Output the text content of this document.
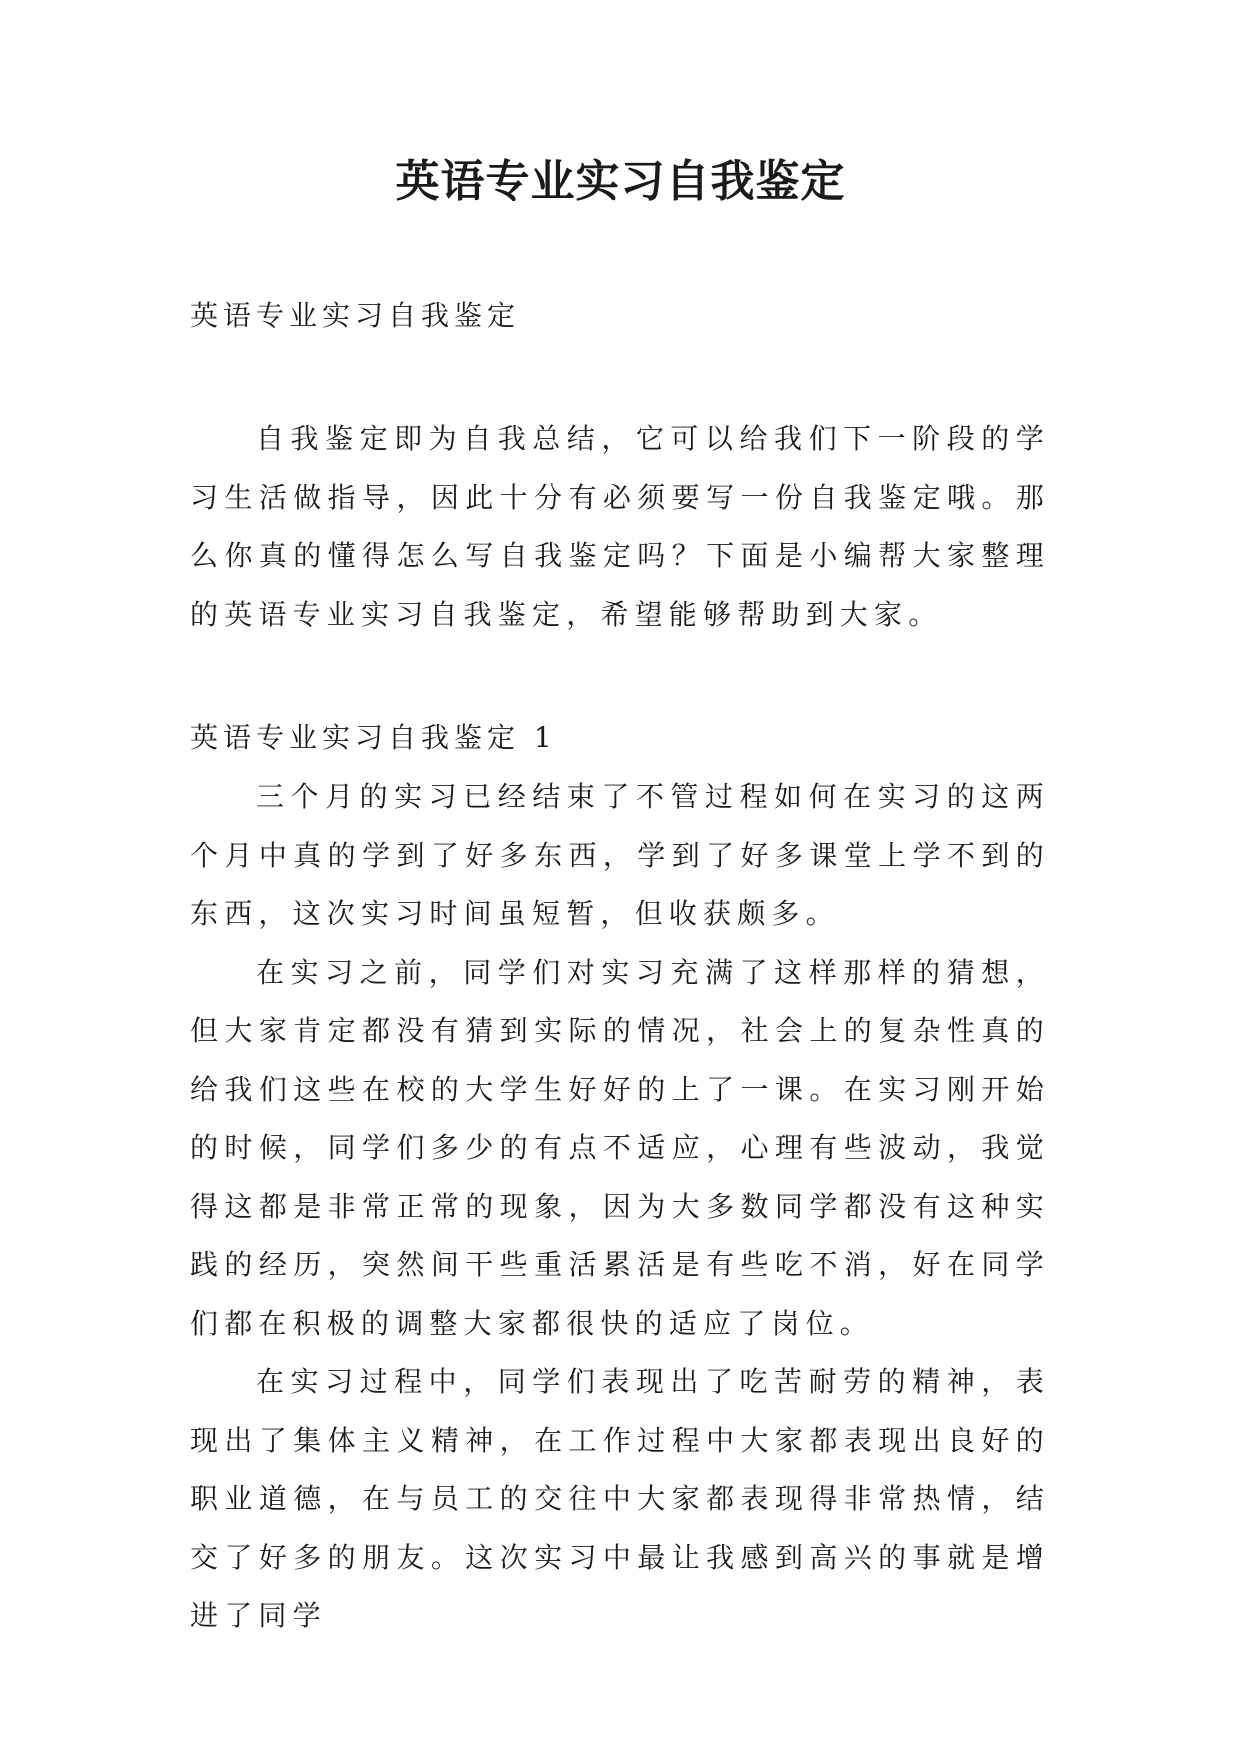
英语专业实习自我鉴定

英语专业实习自我鉴定

自我鉴定即为自我总结，它可以给我们下一阶段的学习生活做指导，因此十分有必须要写一份自我鉴定哦。那么你真的懂得怎么写自我鉴定吗？下面是小编帮大家整理的英语专业实习自我鉴定，希望能够帮助到大家。

英语专业实习自我鉴定 1

三个月的实习已经结束了不管过程如何在实习的这两个月中真的学到了好多东西，学到了好多课堂上学不到的东西，这次实习时间虽短暂，但收获颇多。

在实习之前，同学们对实习充满了这样那样的猜想，但大家肯定都没有猜到实际的情况，社会上的复杂性真的给我们这些在校的大学生好好的上了一课。在实习刚开始的时候，同学们多少的有点不适应，心理有些波动，我觉得这都是非常正常的现象，因为大多数同学都没有这种实践的经历，突然间干些重活累活是有些吃不消，好在同学们都在积极的调整大家都很快的适应了岗位。

在实习过程中，同学们表现出了吃苦耐劳的精神，表现出了集体主义精神，在工作过程中大家都表现出良好的职业道德，在与员工的交往中大家都表现得非常热情，结交了好多的朋友。这次实习中最让我感到高兴的事就是增进了同学
